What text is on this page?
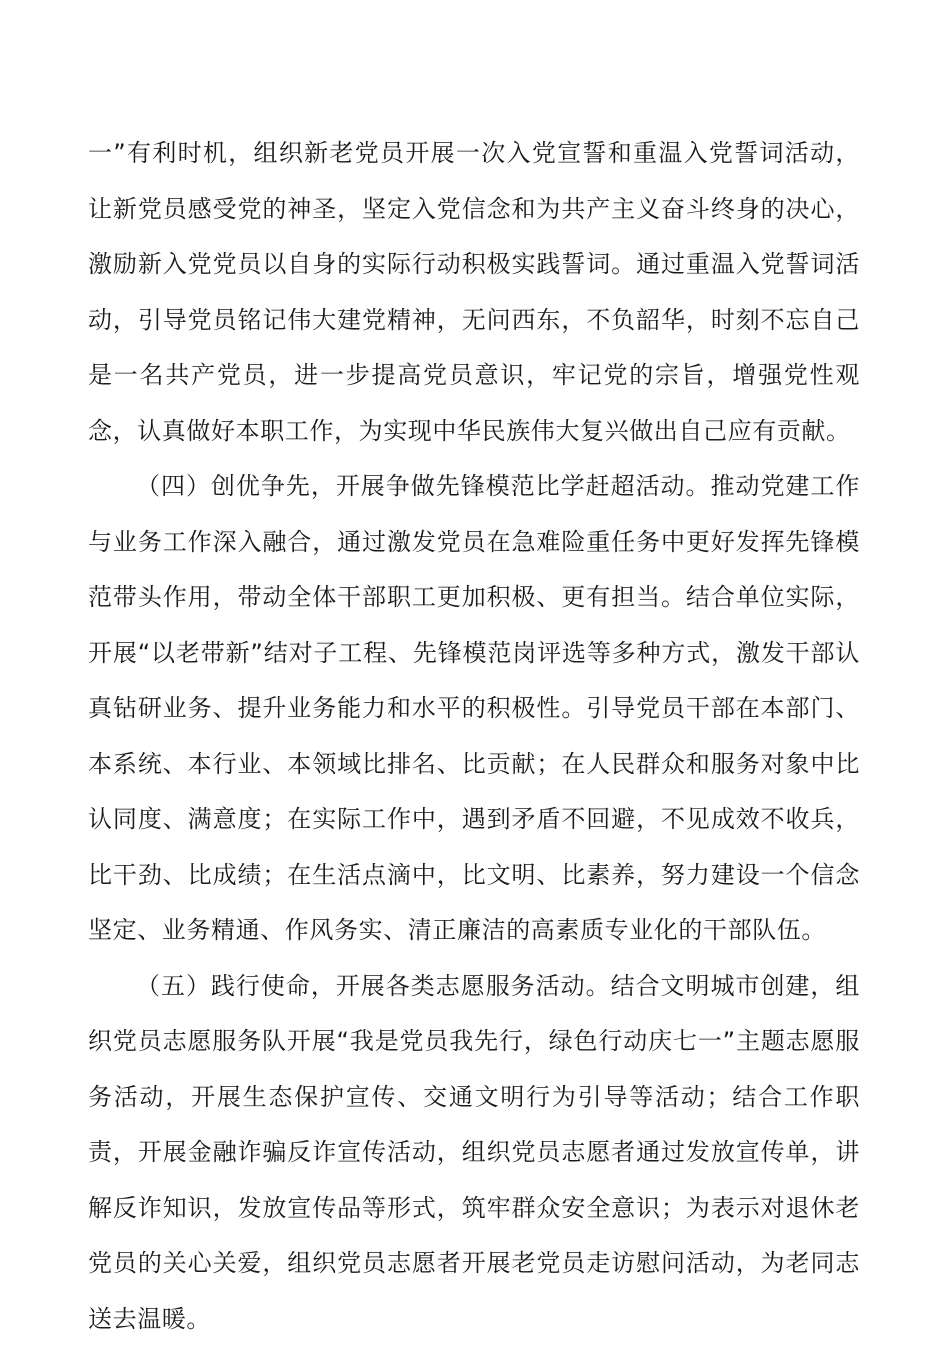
一”有利时机，组织新老党员开展一次入党宣誓和重温入党誓词活动，让新党员感受党的神圣，坚定入党信念和为共产主义奋斗终身的决心，激励新入党党员以自身的实际行动积极实践誓词。通过重温入党誓词活动，引导党员铭记伟大建党精神，无问西东，不负韶华，时刻不忘自己是一名共产党员，进一步提高党员意识，牢记党的宗旨，增强党性观念，认真做好本职工作，为实现中华民族伟大复兴做出自己应有贡献。

（四）创优争先，开展争做先锋模范比学赶超活动。推动党建工作与业务工作深入融合，通过激发党员在急难险重任务中更好发挥先锋模范带头作用，带动全体干部职工更加积极、更有担当。结合单位实际，开展“以老带新”结对子工程、先锋模范岗评选等多种方式，激发干部认真钻研业务、提升业务能力和水平的积极性。引导党员干部在本部门、本系统、本行业、本领域比排名、比贡献；在人民群众和服务对象中比认同度、满意度；在实际工作中，遇到矛盾不回避，不见成效不收兵，比干劲、比成绩；在生活点滴中，比文明、比素养，努力建设一个信念坚定、业务精通、作风务实、清正廉洁的高素质专业化的干部队伍。

（五）践行使命，开展各类志愿服务活动。结合文明城市创建，组织党员志愿服务队开展“我是党员我先行，绿色行动庆七一”主题志愿服务活动，开展生态保护宣传、交通文明行为引导等活动；结合工作职责，开展金融诈骗反诈宣传活动，组织党员志愿者通过发放宣传单，讲解反诈知识，发放宣传品等形式，筑牢群众安全意识；为表示对退休老党员的关心关爱，组织党员志愿者开展老党员走访慰问活动，为老同志送去温暖。
